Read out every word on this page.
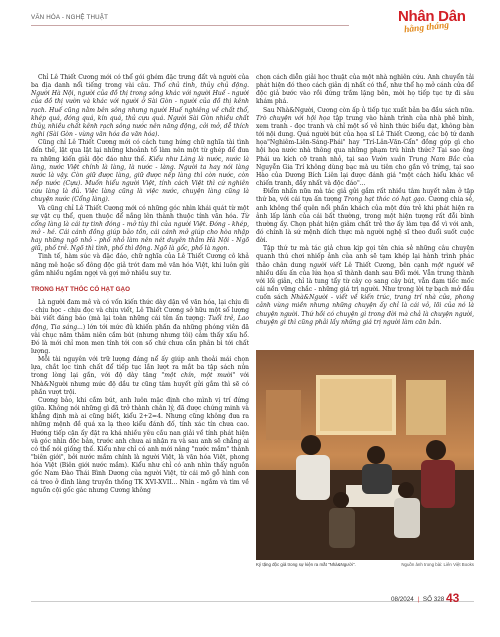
VĂN HÓA - NGHỆ THUẬT	Nhân Dân
hằng tháng

Chỉ Lê Thiết Cương mới có thể gói ghém đặc trưng đất và người của ba địa danh nổi tiếng trong vài câu. Thổ chủ tình, thủy chủ động. Người Hà Nội, người của đồ thị trong sông khác với người Huế - người của đồ thị vườn và khác với người ở Sài Gòn - người của đồ thị kênh rạch. Huế cũng nằm bên sông nhưng người Huế nghiêng về chất thổ, khép quá, đóng quá, kín quá, thủ cựu quá. Người Sài Gòn nhiều chất thủy, nhiều chất kênh rạch sông nước nên năng động, cởi mở, dễ thích nghi (Sài Gòn - vùng văn hóa đa văn hóa).

Cũng chỉ Lê Thiết Cương mới có cách tung hứng chữ nghĩa tài tình đến thế, lật qua lật lại những khoảnh tổ làm nên một từ ghép để đưa ra những kiến giải độc đáo như thế. Kiểu như Làng là nước, nước là làng, nước Việt chính là làng, là nước - làng. Người ta hay nói làng nước là vậy. Còn giữ được làng, giữ được nếp làng thì còn nước, còn nếp nước (Cựu). Muốn hiểu người Việt, tính cách Việt thì cứ nghiên cứu làng là đủ. Việc làng cũng là việc nước, chuyện làng cũng là chuyện nước (Cổng làng).

Và cũng chỉ Lê Thiết Cương mới có những góc nhìn khái quát từ một sự vật cụ thể, quen thuộc để nắng lên thành thuộc tính văn hóa. Từ cổng làng là cái tự tinh đóng - mở tùy thì của người Việt. Đóng - khép, mở - hé. Cái cánh đồng giúp bảo tồn, cái cánh mở giúp cho hòa nhập hay những ngõ nhỏ - phố nhỏ làm nên nét duyên thầm Hà Nội - Ngõ giũ, phố trẻ. Ngõ thì tình, phố thì động. Ngõ là gốc, phố là ngọn.

Tinh tế, hàm súc và đặc đáo, chữ nghĩa của Lê Thiết Cương cô khả năng mê hoặc số đông độc giả trót đam mê văn hóa Việt, khi luôn gửi gắm nhiều ngầm ngợi và gợi mở nhiều suy tư.

TRONG HẠT THÓC CÓ HẠT GẠO

Là người đam mê và có vốn kiến thức dày dặn về văn hóa, lại chịu đi - chịu học - chịu đọc và chịu viết, Lê Thiết Cương sở hữu một số lượng bài viết đáng báo (mà lại toàn những cái tên ấn tượng: Tuổi trẻ, Lao động, Tia sáng...) lớn tới mức đủ khiến phần đa những phóng viên đã vài chục năm thâm niên cầm bút (nhưng nhưng tôi) cảm thấy xấu hổ. Đó là mới chỉ mon men tính tới con số chứ chưa cần phân bì tới chất lượng.

Mỗi tài nguyên với trữ lượng đáng nể ấy giúp anh thoải mái chọn lựa, chắt lọc tinh chất để tiếp tục lần lượt ra mắt ba tập sách nửa trong lòng lại gần, với độ dày tăng "một chín, một mười" với Nhà&Người nhưng mức độ dầu tư cũng tâm huyết gửi gắm thì sẽ có phần vượt trội.

Cương bảo, khi cầm bút, anh luôn mặc định cho mình vị trí đứng giữa. Không nói những gì đã trở thành chân lý, đã được chứng minh và khẳng định mà ai cũng biết, kiểu 2+2=4. Nhưng cũng không đưa ra những mệnh đề quá xa lạ theo kiểu đánh đố, tính xác tín chưa cao. Hướng tiếp cận ấy đặt ra khá nhiều yêu cầu nan giải về tính phát hiện và góc nhìn độc bản, trước anh chưa ai nhận ra và sau anh sẽ chẳng ai có thể nói giống thế. Kiểu như chỉ có anh mới nâng "nước mắm" thành "biên giới", bởi nước mắm chính là người Việt, là văn hóa Việt, phong hóa Việt (Biên giới nước mắm). Kiểu như chỉ có anh nhìn thấy nguồn gốc Nam Đào Thái Bình Dương của người Việt, từ cái mõ gỗ hình con cá treo ở đình làng truyền thống TK XVI-XVII... Nhìn - ngắm và tìm về nguồn cội gốc gác nhưng Cương không

chọn cách diễn giải học thuật của một nhà nghiên cứu. Anh chuyển tải phát hiện đó theo cách giản dị nhất có thể, như thể họ mở cánh cửa để độc giả bước vào rồi đứng trầm lặng bên, mời họ tiếp tục tự đi sâu khám phá.

Sau Nhà&Người, Cương còn ấp ủ tiếp tục xuất bản ba đầu sách nữa. Trò chuyện với hội họa tập trung vào hành trình của nhà phê bình, xem tranh - đọc tranh và chỉ một số vẻ hình thức biểu đạt, không bàn tới nội dung. Quá người bút của họa sĩ Lê Thiết Cương, các bộ tứ danh họa"Nghiêm-Liên-Sáng-Phái" hay "Trí-Lân-Văn-Cẩn" đồng góp gì cho hội họa nước nhà thông qua những phạm trù hình thức? Tại sao ông Phái ưa kích cỡ tranh nhỏ, tại sao Vườn xuân Trung Nam Bắc của Nguyễn Gia Trí không dùng bạc mà ưu tiên cho gần vỏ trứng, tại sao Hào của Dương Bích Liên lại được đánh giá "một cách hiểu khác về chiến tranh, đầy nhất và độc đáo"...

Điểm nhấn nữa mà tác giả gửi gắm rất nhiều tâm huyết nằm ở tập thứ ba, với cái tựa ấn tượng Trong hạt thóc có hạt gạo. Cương chia sẻ, anh không thể quên nổi phần khách của một đứa trẻ khi phát hiện ra ảnh lấp lánh của cái bất thường, trong một hiện tượng rất đỗi bình thường ấy. Chọn phát hiện giảm chất trẻ thơ ấy làm tựa đề vì với anh, đó chính là sứ mệnh dích thực mà người nghệ sĩ theo đuổi suốt cuộc đời.

Tập thứ tư mà tác giả chưa kịp gọi tên chia sẻ những câu chuyện quanh thú chơi nhiếp ảnh của anh sẽ tạm khép lại hành trình phác thảo chân dung người viết Lê Thiết Cương, bên cạnh một người vẽ nhiều dấu ấn của lứa họa sĩ thành danh sau Đổi mới. Vẫn trung thành với lối giản, chỉ là tung tẩy từ cây cọ sang cây bút, vẫn đạm tiếc mốc cái nền vững chắc - những giá trị người. Như trong lời tự bạch mở đầu cuốn sách Nhà&Người - viết về kiến trúc, trang trí nhà cửa, phong cảnh vùng miền nhưng những chuyện ấy chỉ là cái vỏ, lõi của nó là chuyện người. Thứ hồi có chuyện gì trong đời mà chả là chuyện người, chuyện gì thì cũng phải lấy những giá trị người làm căn bản.

Ký tặng độc giả trong sự kiện ra mắt "Nhà&Người".	Nguồn ảnh trong bài: Liên Việt Books
08/2024 | SỐ 328 43
